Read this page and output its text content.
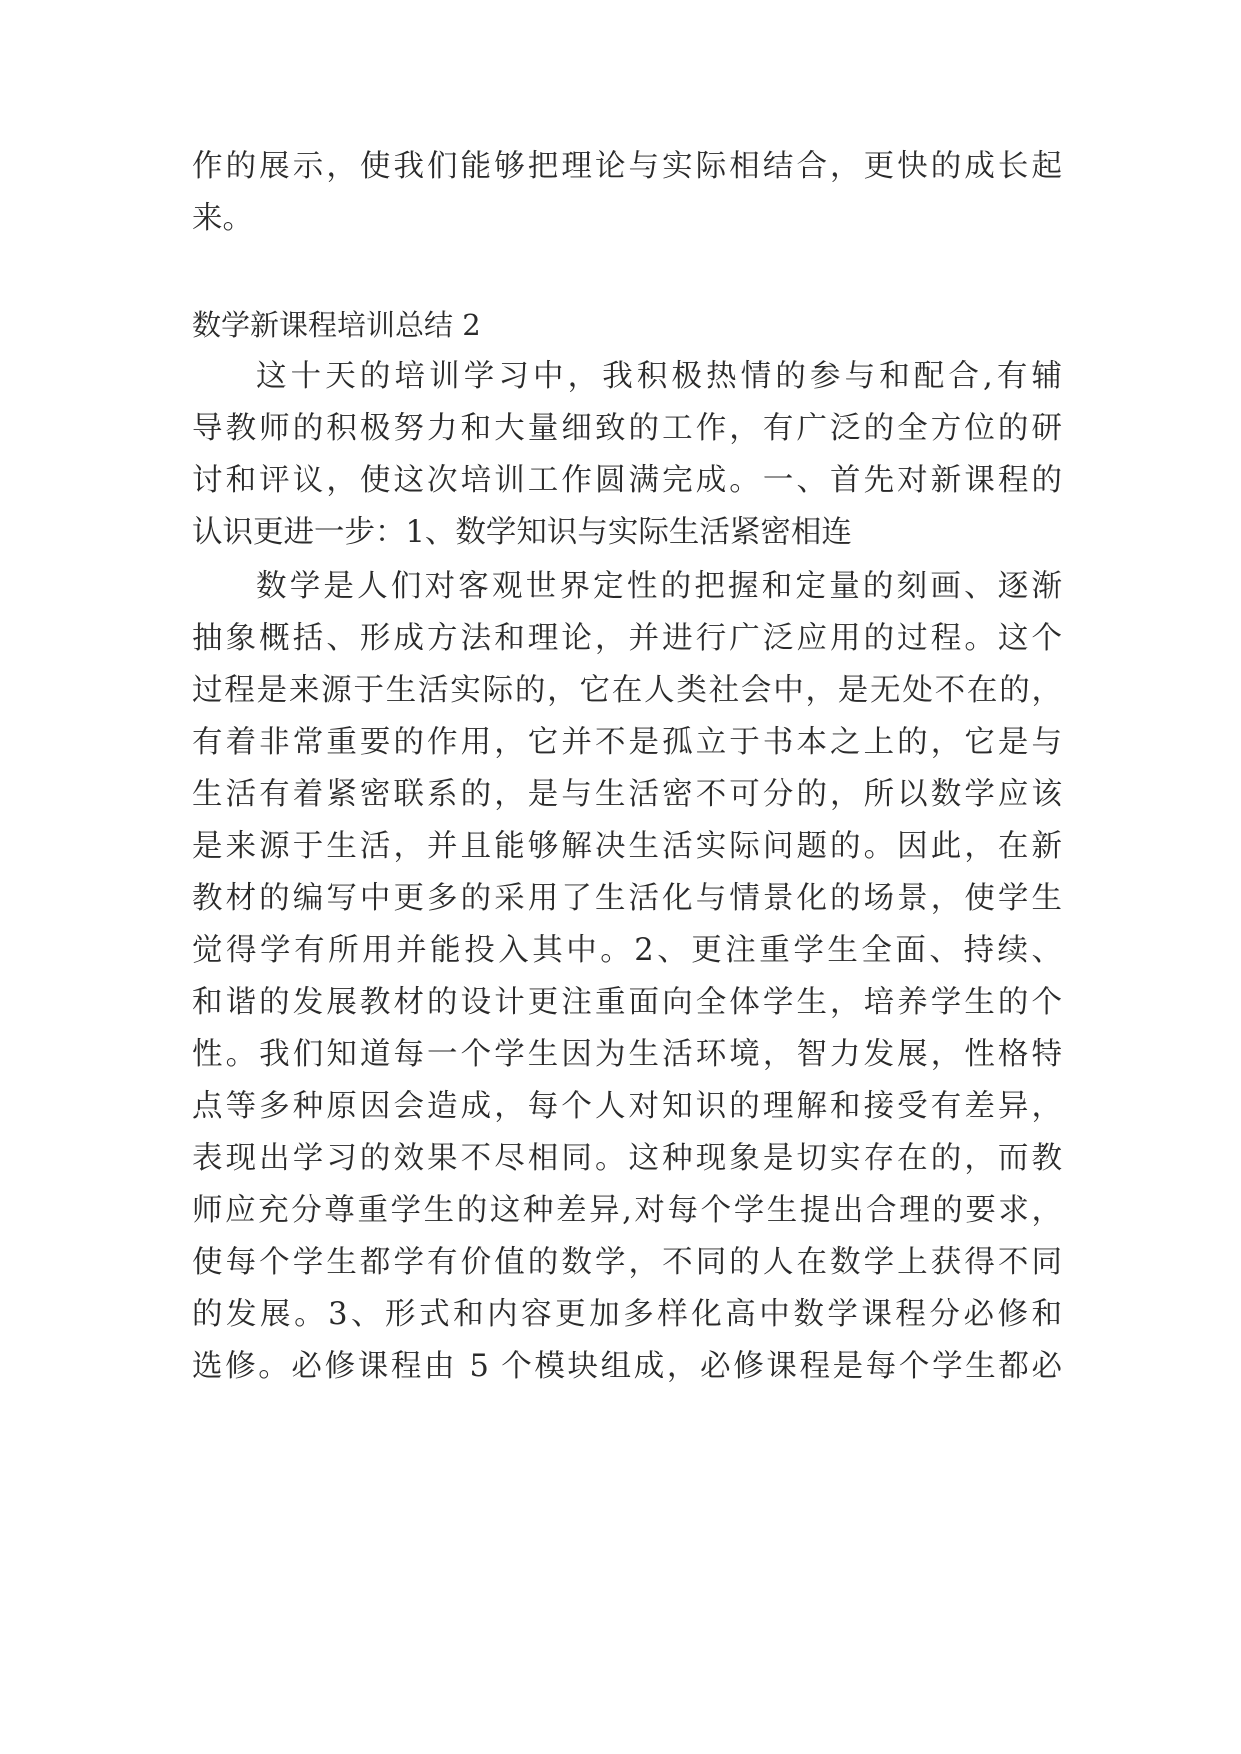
作的展示，使我们能够把理论与实际相结合，更快的成长起
来。
数学新课程培训总结 2
这十天的培训学习中，我积极热情的参与和配合,有辅
导教师的积极努力和大量细致的工作，有广泛的全方位的研
讨和评议，使这次培训工作圆满完成。一、首先对新课程的
认识更进一步：1、数学知识与实际生活紧密相连
数学是人们对客观世界定性的把握和定量的刻画、逐渐
抽象概括、形成方法和理论，并进行广泛应用的过程。这个
过程是来源于生活实际的，它在人类社会中，是无处不在的，
有着非常重要的作用，它并不是孤立于书本之上的，它是与
生活有着紧密联系的，是与生活密不可分的，所以数学应该
是来源于生活，并且能够解决生活实际问题的。因此，在新
教材的编写中更多的采用了生活化与情景化的场景，使学生
觉得学有所用并能投入其中。2、更注重学生全面、持续、
和谐的发展教材的设计更注重面向全体学生，培养学生的个
性。我们知道每一个学生因为生活环境，智力发展，性格特
点等多种原因会造成，每个人对知识的理解和接受有差异，
表现出学习的效果不尽相同。这种现象是切实存在的，而教
师应充分尊重学生的这种差异,对每个学生提出合理的要求，
使每个学生都学有价值的数学，不同的人在数学上获得不同
的发展。3、形式和内容更加多样化高中数学课程分必修和
选修。必修课程由 5 个模块组成，必修课程是每个学生都必
